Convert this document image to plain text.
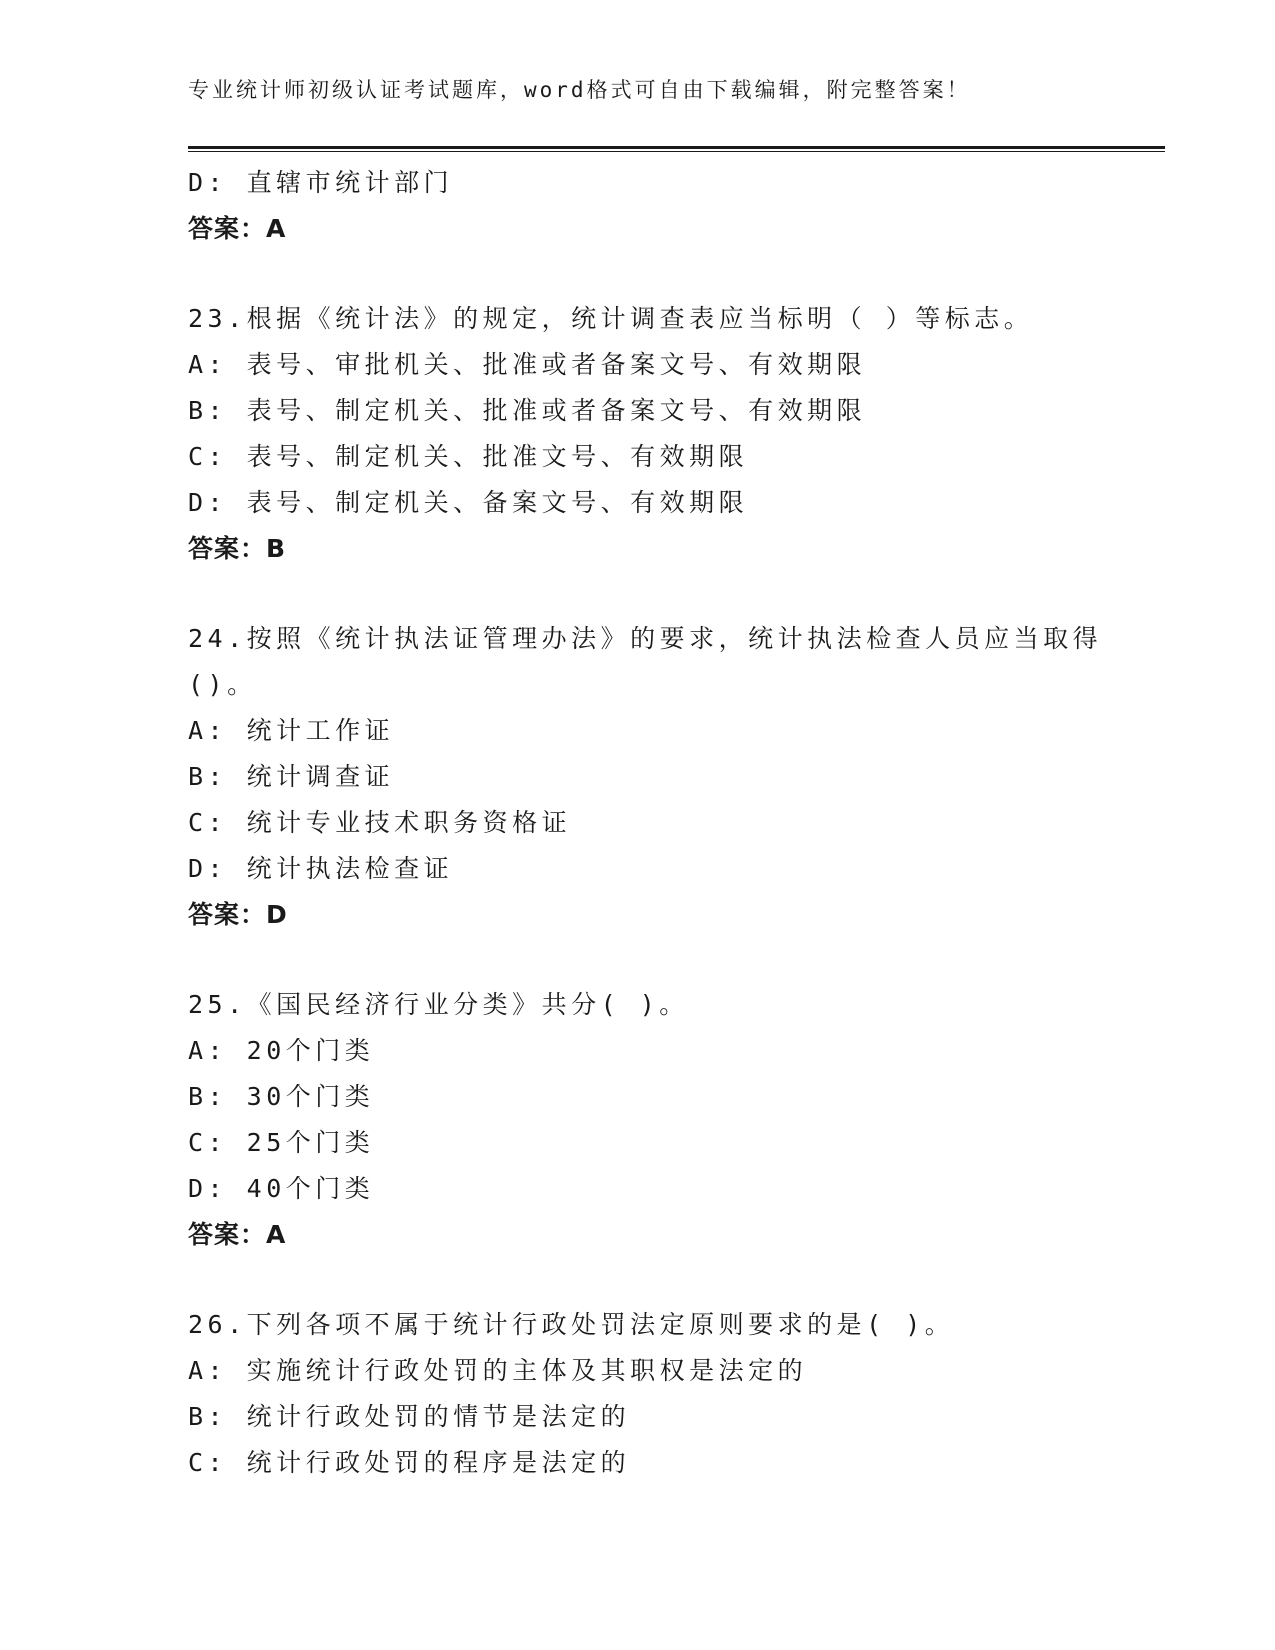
专业统计师初级认证考试题库，word格式可自由下载编辑，附完整答案！
D: 直辖市统计部门
答案：A
23.根据《统计法》的规定，统计调查表应当标明（ ）等标志。
A: 表号、审批机关、批准或者备案文号、有效期限
B: 表号、制定机关、批准或者备案文号、有效期限
C: 表号、制定机关、批准文号、有效期限
D: 表号、制定机关、备案文号、有效期限
答案：B
24.按照《统计执法证管理办法》的要求，统计执法检查人员应当取得
()。
A: 统计工作证
B: 统计调查证
C: 统计专业技术职务资格证
D: 统计执法检查证
答案：D
25.《国民经济行业分类》共分( )。
A: 20个门类
B: 30个门类
C: 25个门类
D: 40个门类
答案：A
26.下列各项不属于统计行政处罚法定原则要求的是( )。
A: 实施统计行政处罚的主体及其职权是法定的
B: 统计行政处罚的情节是法定的
C: 统计行政处罚的程序是法定的
